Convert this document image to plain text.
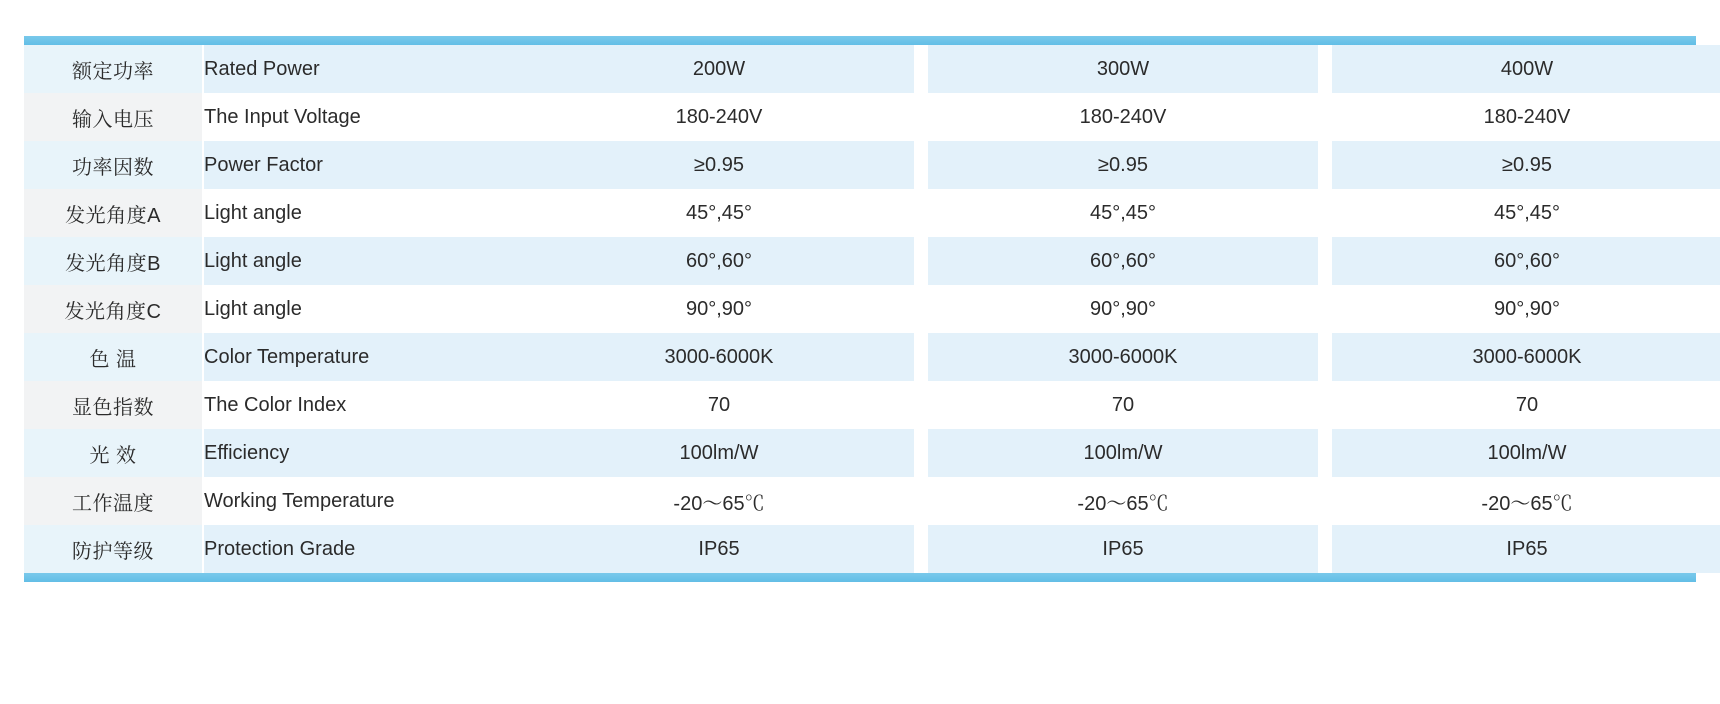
额定功率	Rated Power	200W		300W		400W
输入电压	The Input Voltage	180-240V		180-240V		180-240V
功率因数	Power Factor	≥0.95		≥0.95		≥0.95
发光角度A	Light angle	45°,45°		45°,45°		45°,45°
发光角度B	Light angle	60°,60°		60°,60°		60°,60°
发光角度C	Light angle	90°,90°		90°,90°		90°,90°
色 温	Color Temperature	3000-6000K		3000-6000K		3000-6000K
显色指数	The Color Index	70		70		70
光 效	Efficiency	100lm/W		100lm/W		100lm/W
工作温度	Working Temperature	-20～65℃		-20～65℃		-20～65℃
防护等级	Protection Grade	IP65		IP65		IP65
